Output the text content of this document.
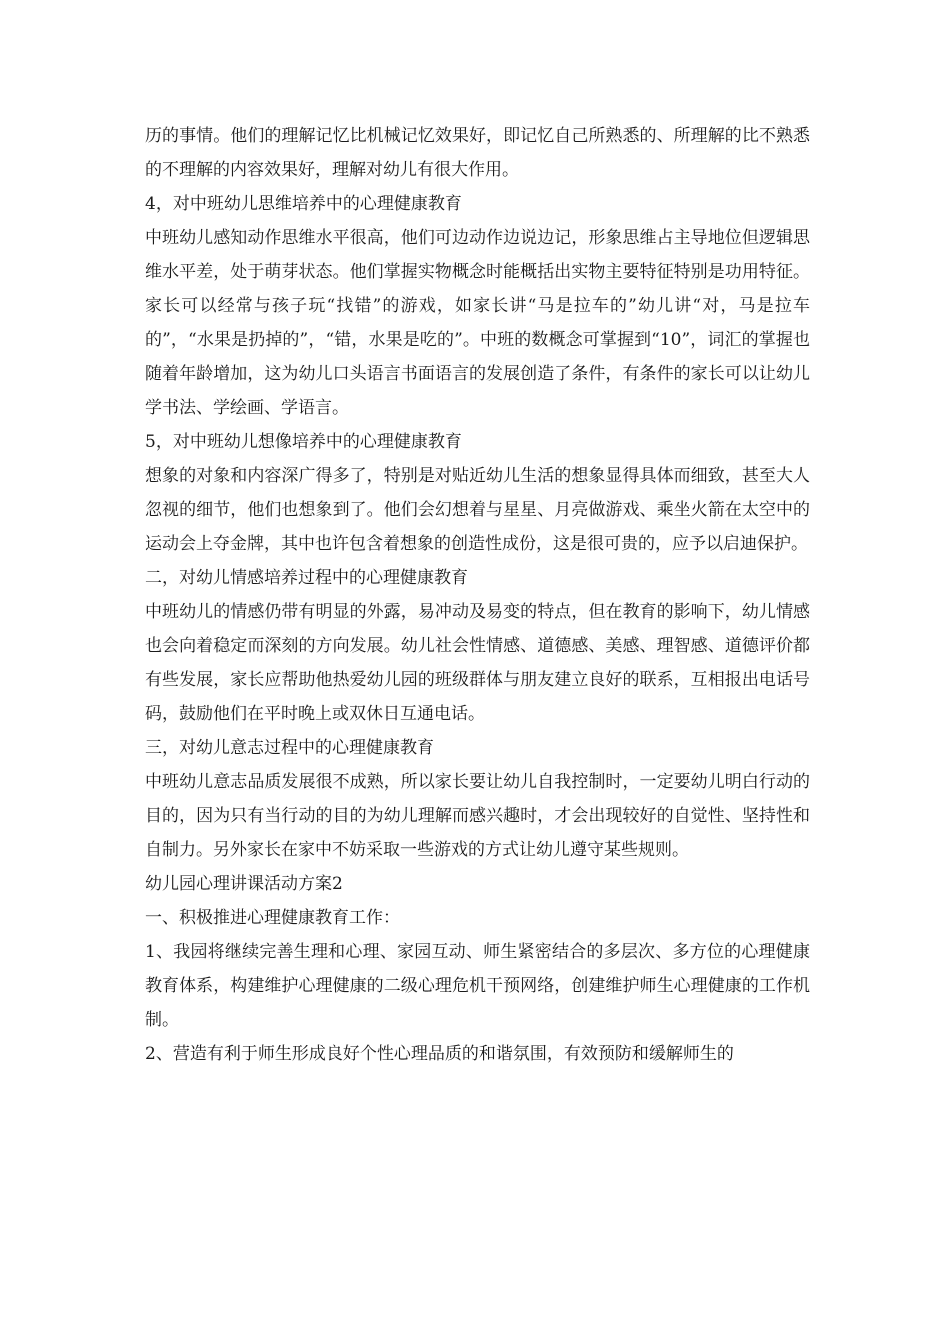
历的事情。他们的理解记忆比机械记忆效果好，即记忆自己所熟悉的、所理解的比不熟悉的不理解的内容效果好，理解对幼儿有很大作用。

4，对中班幼儿思维培养中的心理健康教育

中班幼儿感知动作思维水平很高，他们可边动作边说边记，形象思维占主导地位但逻辑思维水平差，处于萌芽状态。他们掌握实物概念时能概括出实物主要特征特别是功用特征。家长可以经常与孩子玩“找错”的游戏，如家长讲“马是拉车的”幼儿讲“对，马是拉车的”，“水果是扔掉的”，“错，水果是吃的”。中班的数概念可掌握到“10”，词汇的掌握也随着年龄增加，这为幼儿口头语言书面语言的发展创造了条件，有条件的家长可以让幼儿学书法、学绘画、学语言。

5，对中班幼儿想像培养中的心理健康教育

想象的对象和内容深广得多了，特别是对贴近幼儿生活的想象显得具体而细致，甚至大人忽视的细节，他们也想象到了。他们会幻想着与星星、月亮做游戏、乘坐火箭在太空中的运动会上夺金牌，其中也许包含着想象的创造性成份，这是很可贵的，应予以启迪保护。

二，对幼儿情感培养过程中的心理健康教育

中班幼儿的情感仍带有明显的外露，易冲动及易变的特点，但在教育的影响下，幼儿情感也会向着稳定而深刻的方向发展。幼儿社会性情感、道德感、美感、理智感、道德评价都有些发展，家长应帮助他热爱幼儿园的班级群体与朋友建立良好的联系，互相报出电话号码，鼓励他们在平时晚上或双休日互通电话。

三，对幼儿意志过程中的心理健康教育

中班幼儿意志品质发展很不成熟，所以家长要让幼儿自我控制时，一定要幼儿明白行动的目的，因为只有当行动的目的为幼儿理解而感兴趣时，才会出现较好的自觉性、坚持性和自制力。另外家长在家中不妨采取一些游戏的方式让幼儿遵守某些规则。

幼儿园心理讲课活动方案2

一、积极推进心理健康教育工作：

1、我园将继续完善生理和心理、家园互动、师生紧密结合的多层次、多方位的心理健康教育体系，构建维护心理健康的二级心理危机干预网络，创建维护师生心理健康的工作机制。

2、营造有利于师生形成良好个性心理品质的和谐氛围，有效预防和缓解师生的
